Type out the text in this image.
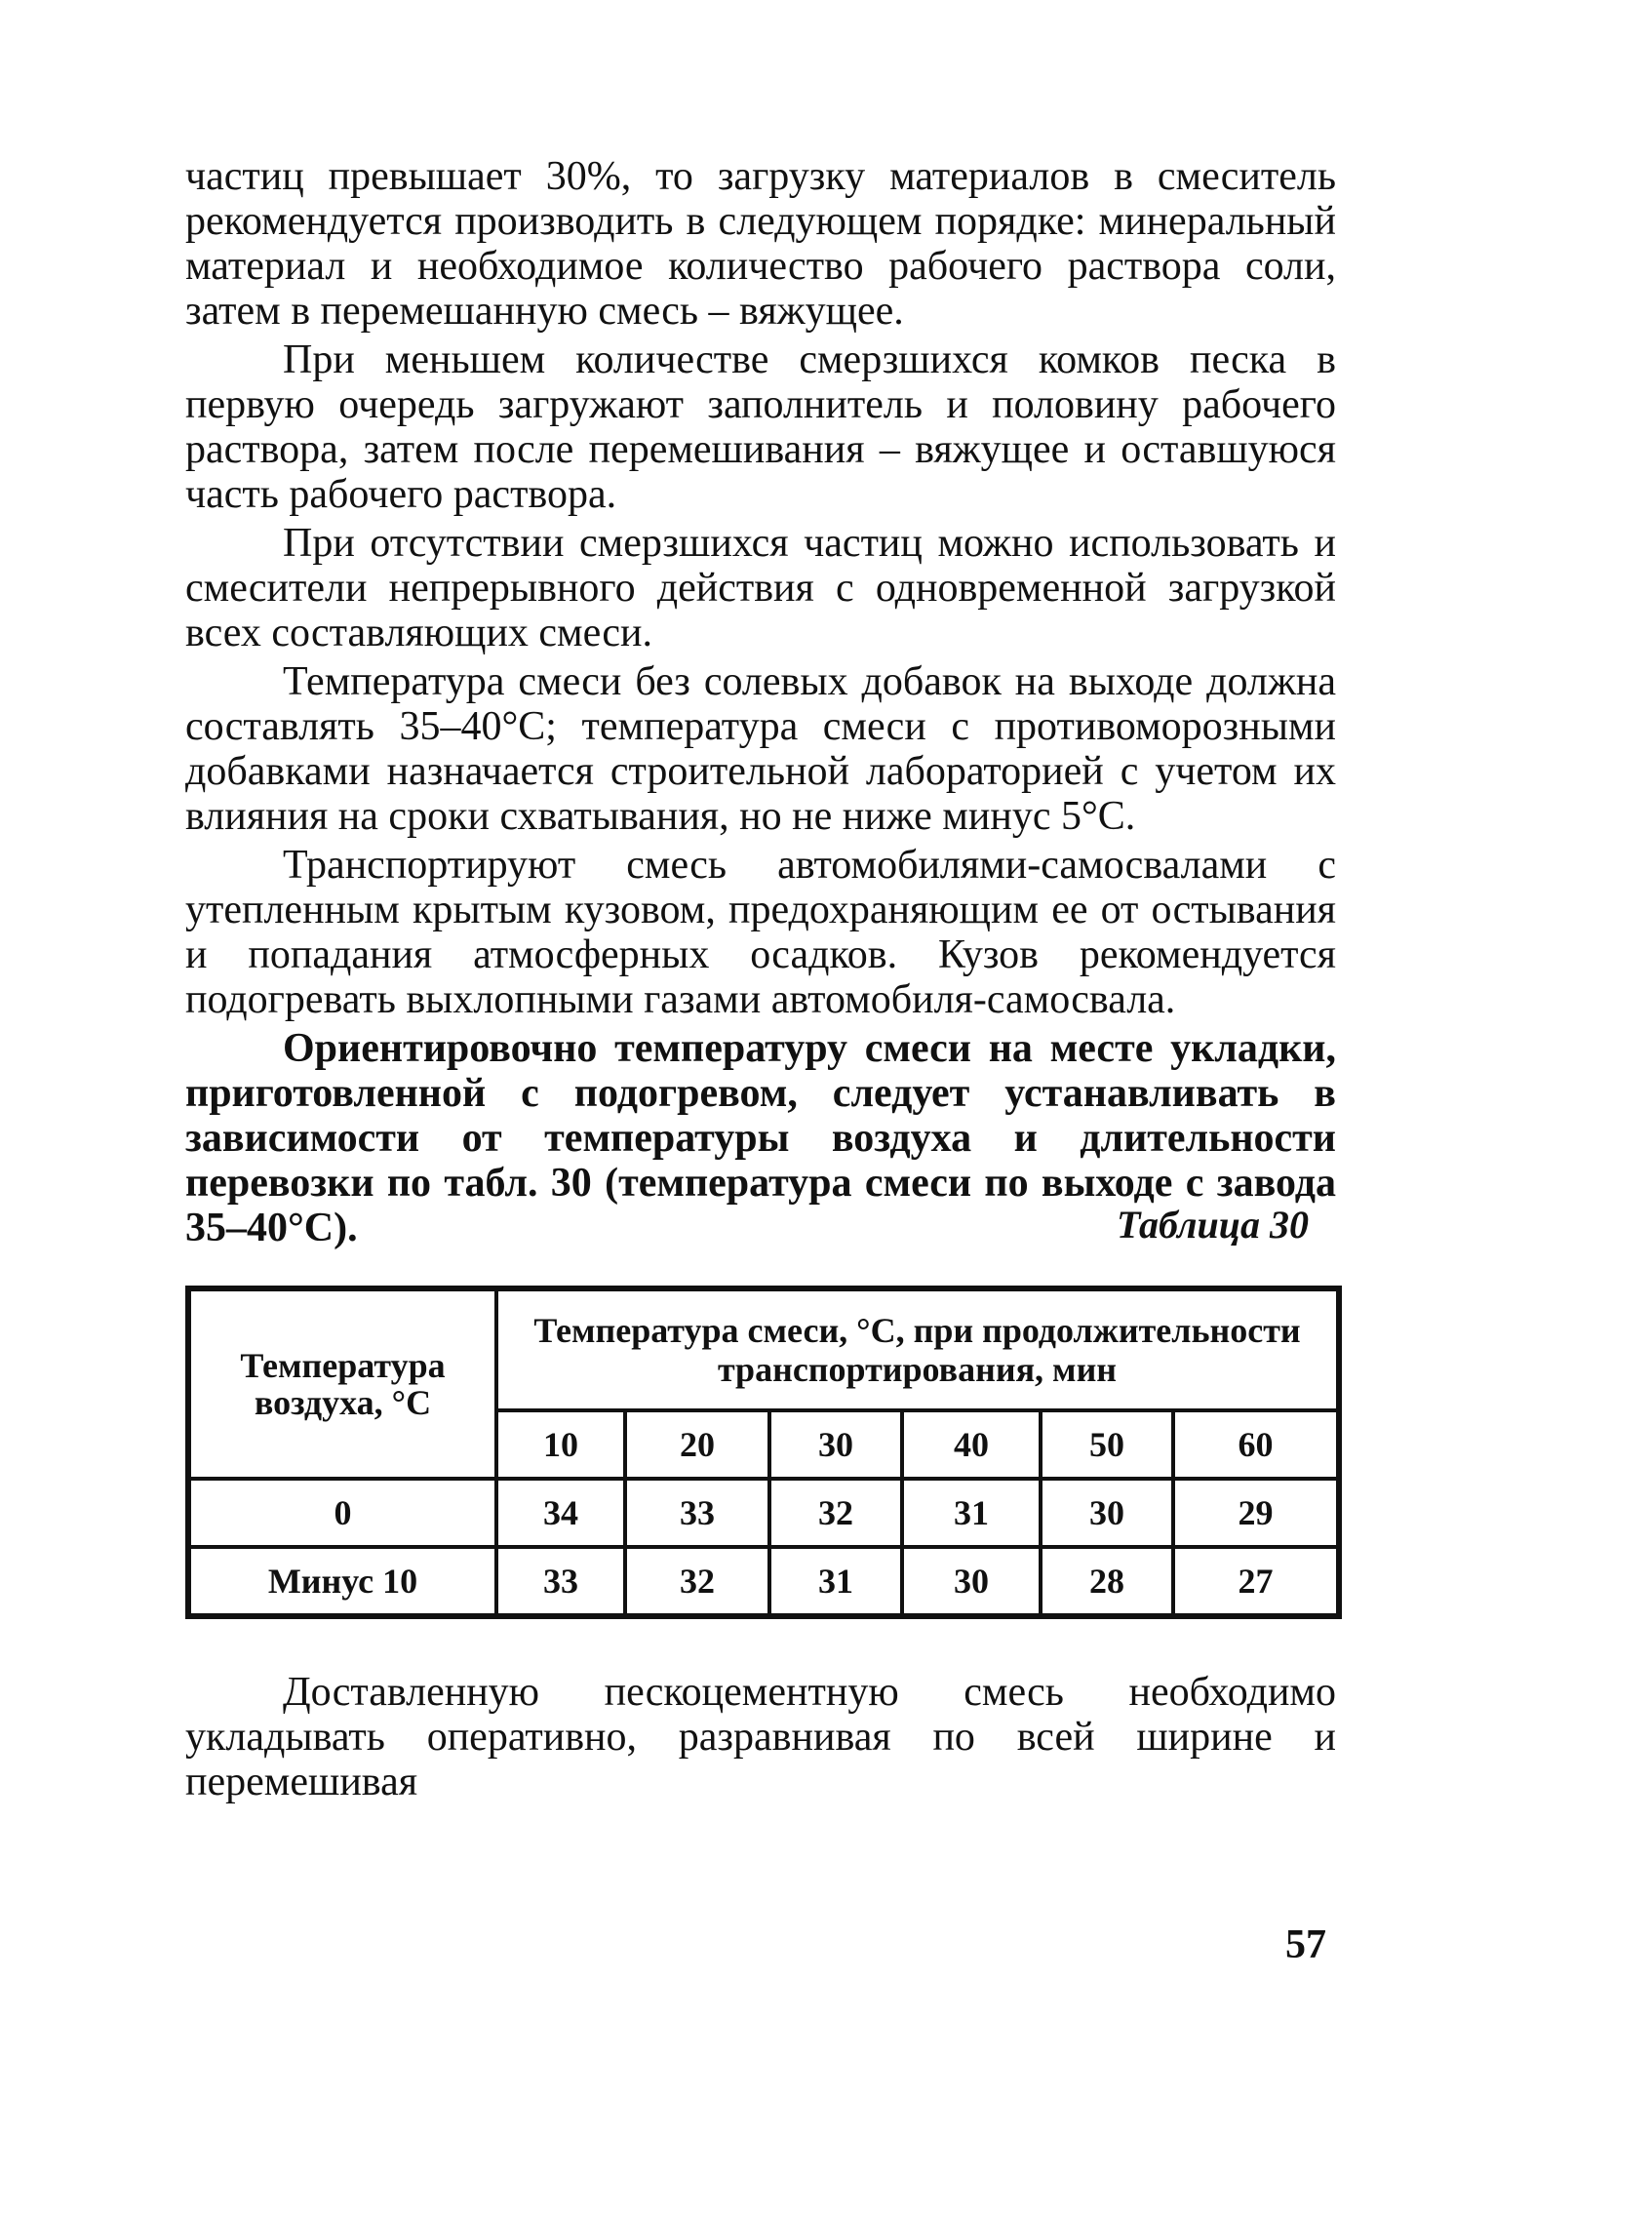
частиц превышает 30%, то загрузку материалов в смеситель рекомендуется производить в следующем порядке: минеральный материал и необходимое количество рабочего раствора соли, затем в перемешанную смесь – вяжущее.

При меньшем количестве смерзшихся комков песка в первую очередь загружают заполнитель и половину рабочего раствора, затем после перемешивания – вяжущее и оставшуюся часть рабочего раствора.

При отсутствии смерзшихся частиц можно использовать и смесители непрерывного действия с одновременной загрузкой всех составляющих смеси.

Температура смеси без солевых добавок на выходе должна составлять 35–40°С; температура смеси с противоморозными добавками назначается строительной лабораторией с учетом их влияния на сроки схватывания, но не ниже минус 5°С.

Транспортируют смесь автомобилями-самосвалами с утепленным крытым кузовом, предохраняющим ее от остывания и попадания атмосферных осадков. Кузов рекомендуется подогревать выхлопными газами автомобиля-самосвала.

Ориентировочно температуру смеси на месте укладки, приготовленной с подогревом, следует устанавливать в зависимости от температуры воздуха и длительности перевозки по табл. 30 (температура смеси по выходе с завода 35–40°С).	Таблица 30
Температура воздуха, °С	Температура смеси, °С, при продолжительности транспортирования, мин					
	10	20	30	40	50	60
0	34	33	32	31	30	29
Минус 10	33	32	31	30	28	27

Доставленную пескоцементную смесь необходимо укладывать оперативно, разравнивая по всей ширине и перемешивая

57
